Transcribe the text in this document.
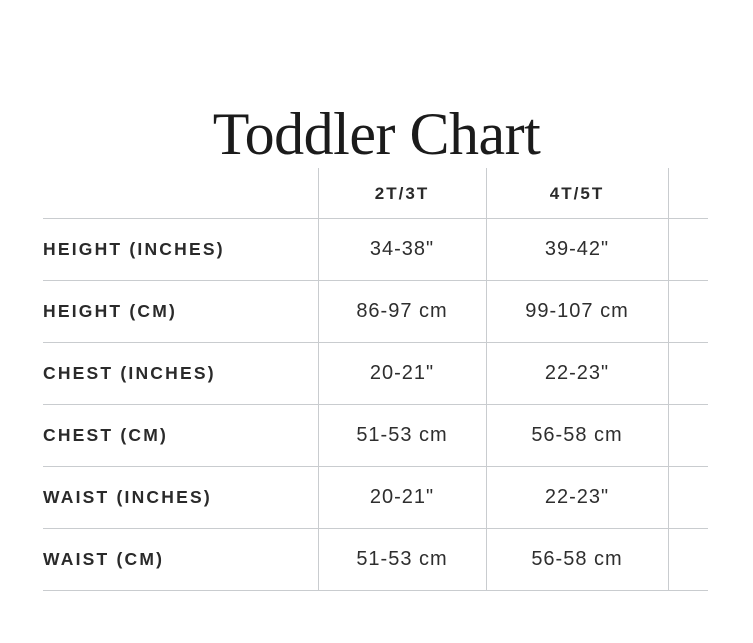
Toddler Chart
	2T/3T	4T/5T	
HEIGHT (INCHES)	34-38"	39-42"	
HEIGHT (CM)	86-97 cm	99-107 cm	
CHEST (INCHES)	20-21"	22-23"	
CHEST (CM)	51-53 cm	56-58 cm	
WAIST (INCHES)	20-21"	22-23"	
WAIST (CM)	51-53 cm	56-58 cm	
